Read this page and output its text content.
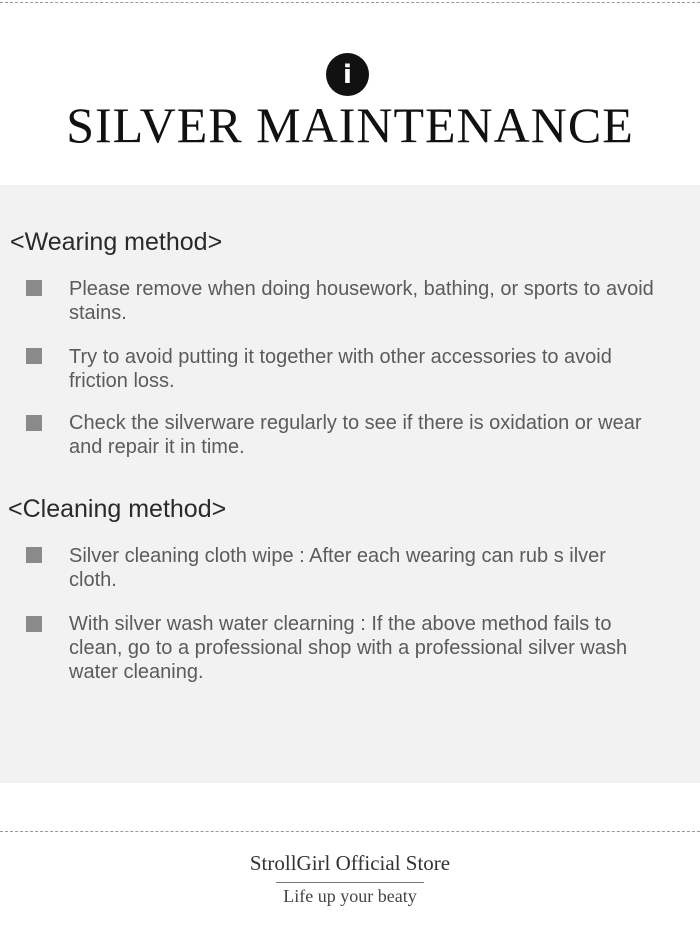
i
SILVER MAINTENANCE
<Wearing method>
Please remove when doing housework, bathing, or sports to avoid stains.
Try to avoid putting it together with other accessories to avoid friction loss.
Check the silverware regularly to see if there is oxidation or wear and repair it in time.
<Cleaning method>
Silver cleaning cloth wipe : After each wearing can rub s ilver cloth.
With silver wash water clearning : If the above method fails to clean, go to a professional shop with a professional silver wash water cleaning.
StrollGirl Official Store
Life up your beaty
